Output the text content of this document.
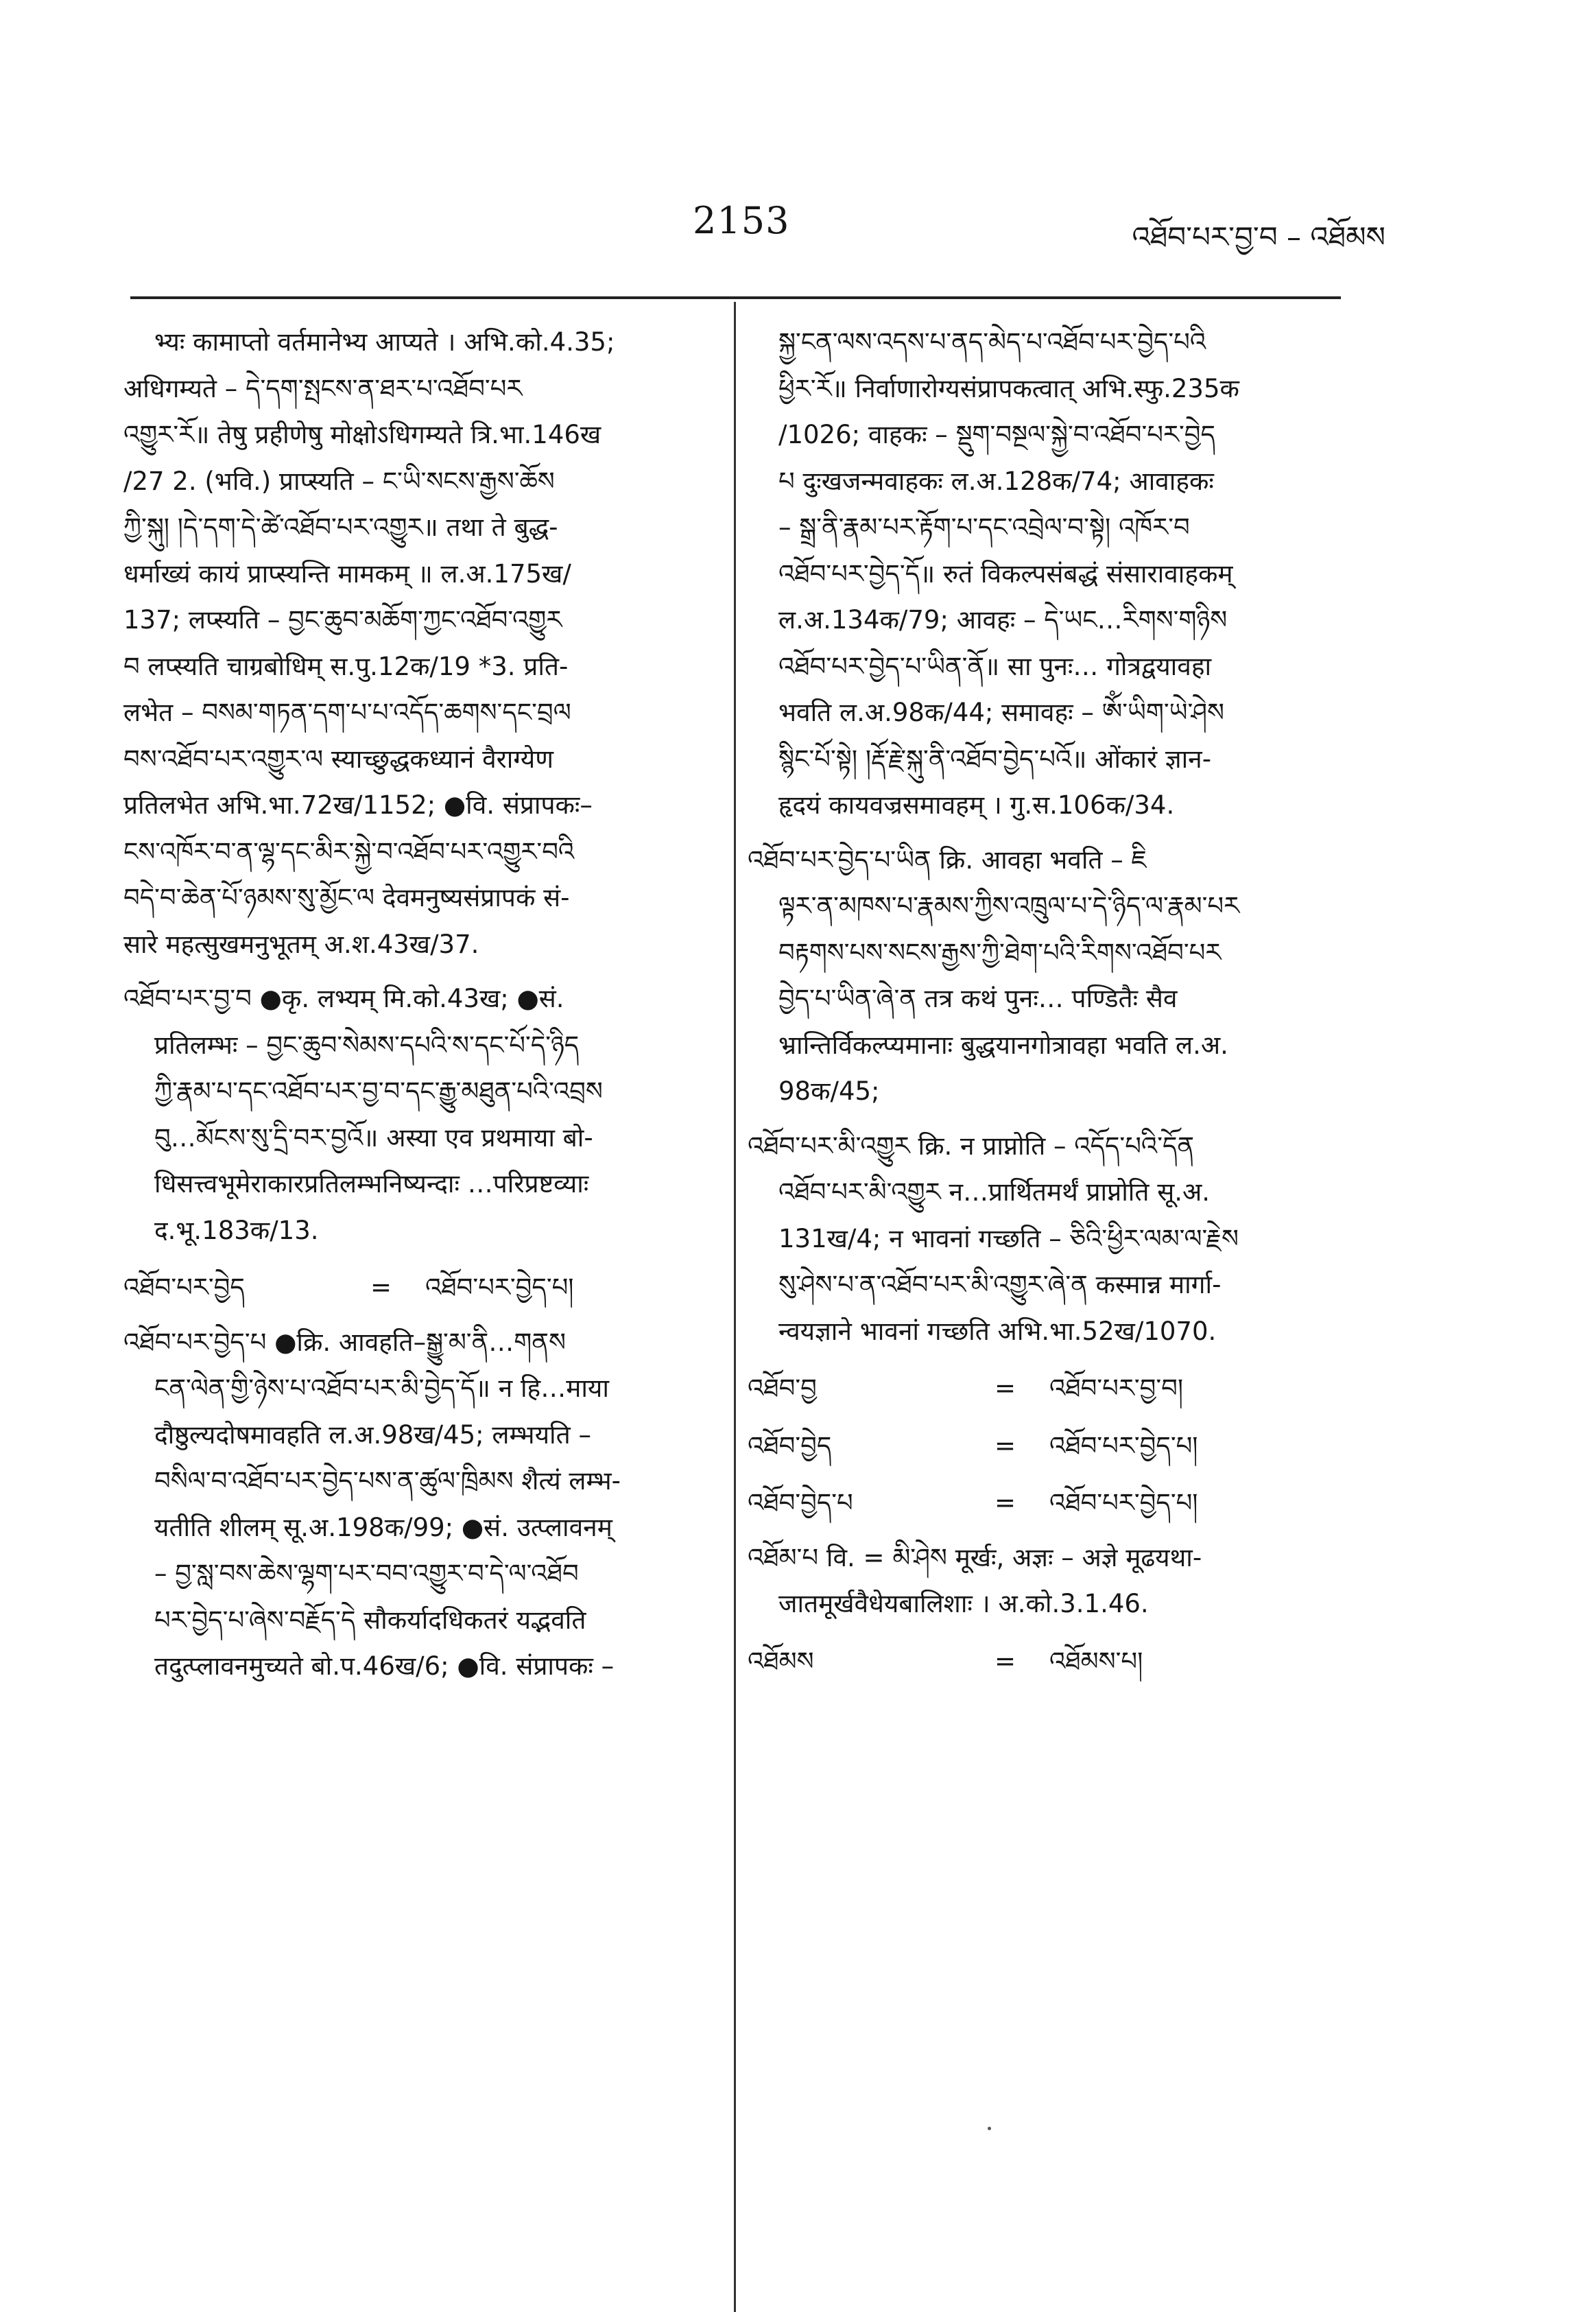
2153	འཐོབ་པར་བྱ་བ – འཐོམས
भ्यः कामाप्तो वर्तमानेभ्य आप्यते । अभि.को.4.35;
अधिगम्यते – དེ་དག་སྤངས་ན་ཐར་པ་འཐོབ་པར
འགྱུར་རོ॥ तेषु प्रहीणेषु मोक्षोऽधिगम्यते त्रि.भा.146ख
/27 2. (भवि.) प्राप्स्यति – ང་ཡི་སངས་རྒྱས་ཆོས
ཀྱི་སྐུ། །དེ་དག་དེ་ཚེ་འཐོབ་པར་འགྱུར॥ तथा ते बुद्ध-
धर्माख्यं कायं प्राप्स्यन्ति मामकम् ॥ ल.अ.175ख/
137; लप्स्यति – བྱང་ཆུབ་མཆོག་ཀྱང་འཐོབ་འགྱུར
བ लप्स्यति चाग्रबोधिम् स.पु.12क/19 *3. प्रति-
लभेत – བསམ་གཏན་དག་པ་པ་འདོད་ཆགས་དང་བྲལ
བས་འཐོབ་པར་འགྱུར་ལ स्याच्छुद्धकध्यानं वैराग्येण
प्रतिलभेत अभि.भा.72ख/1152; ●वि. संप्रापकः–
ངས་འཁོར་བ་ན་ལྷ་དང་མིར་སྐྱེ་བ་འཐོབ་པར་འགྱུར་བའི
བདེ་བ་ཆེན་པོ་ཉམས་སུ་མྱོང་ལ देवमनुष्यसंप्रापकं सं-
सारे महत्सुखमनुभूतम् अ.श.43ख/37.
འཐོབ་པར་བྱ་བ ●कृ. लभ्यम् मि.को.43ख; ●सं.
प्रतिलम्भः – བྱང་ཆུབ་སེམས་དཔའི་ས་དང་པོ་དེ་ཉིད
ཀྱི་རྣམ་པ་དང་འཐོབ་པར་བྱ་བ་དང་རྒྱུ་མཐུན་པའི་འབྲས
བུ…མོངས་སུ་དྲི་བར་བྱའོ॥ अस्या एव प्रथमाया बो-
धिसत्त्वभूमेराकारप्रतिलम्भनिष्यन्दाः …परिप्रष्टव्याः
द.भू.183क/13.
འཐོབ་པར་བྱེད	=	འཐོབ་པར་བྱེད་པ།
འཐོབ་པར་བྱེད་པ ●क्रि. आवहति–སྒྱུ་མ་ནི…གནས
ངན་ལེན་གྱི་ཉེས་པ་འཐོབ་པར་མི་བྱེད་དོ॥ न हि…माया
दौष्ठुल्यदोषमावहति ल.अ.98ख/45; लम्भयति –
བསིལ་བ་འཐོབ་པར་བྱེད་པས་ན་ཚུལ་ཁྲིམས शैत्यं लम्भ-
यतीति शीलम् सू.अ.198क/99; ●सं. उत्प्लावनम्
– བྱ་སླ་བས་ཆེས་ལྷག་པར་བབ་འགྱུར་བ་དེ་ལ་འཐོབ
པར་བྱེད་པ་ཞེས་བརྗོད་དེ सौकर्यादधिकतरं यद्भवति
तदुत्प्लावनमुच्यते बो.प.46ख/6; ●वि. संप्रापकः –
སྐྱ་ངན་ལས་འདས་པ་ནད་མེད་པ་འཐོབ་པར་བྱེད་པའི
ཕྱིར་རོ॥ निर्वाणारोग्यसंप्रापकत्वात् अभि.स्फु.235क
/1026; वाहकः – སྡུག་བསྔལ་སྐྱེ་བ་འཐོབ་པར་བྱེད
པ दुःखजन्मवाहकः ल.अ.128क/74; आवाहकः
– སྒྲ་ནི་རྣམ་པར་རྟོག་པ་དང་འབྲེལ་བ་སྟེ། འཁོར་བ
འཐོབ་པར་བྱེད་དོ॥ रुतं विकल्पसंबद्धं संसारावाहकम्
ल.अ.134क/79; आवहः – དེ་ཡང…རིགས་གཉིས
འཐོབ་པར་བྱེད་པ་ཡིན་ནོ॥ सा पुनः… गोत्रद्वयावहा
भवति ल.अ.98क/44; समावहः – ཨོཾ་ཡིག་ཡེ་ཤེས
སྙིང་པོ་སྟེ། །རྡོ་རྗེ་སྐུ་ནི་འཐོབ་བྱེད་པའོ॥ ओंकारं ज्ञान-
हृदयं कायवज्रसमावहम् । गु.स.106क/34.
འཐོབ་པར་བྱེད་པ་ཡིན क्रि. आवहा भवति – ཇི
ལྟར་ན་མཁས་པ་རྣམས་ཀྱིས་འཁྲུལ་པ་དེ་ཉིད་ལ་རྣམ་པར
བརྟགས་པས་སངས་རྒྱས་ཀྱི་ཐེག་པའི་རིགས་འཐོབ་པར
བྱེད་པ་ཡིན་ཞེ་ན तत्र कथं पुनः… पण्डितैः सैव
भ्रान्तिर्विकल्प्यमानाः बुद्धयानगोत्रावहा भवति ल.अ.
98क/45;
འཐོབ་པར་མི་འགྱུར क्रि. न प्राप्नोति – འདོད་པའི་དོན
འཐོབ་པར་མི་འགྱུར न…प्रार्थितमर्थं प्राप्नोति सू.अ.
131ख/4; न भावनां गच्छति – ཅིའི་ཕྱིར་ལམ་ལ་རྗེས
སུ་ཤེས་པ་ན་འཐོབ་པར་མི་འགྱུར་ཞེ་ན कस्मान्न मार्गा-
न्वयज्ञाने भावनां गच्छति अभि.भा.52ख/1070.
འཐོབ་བྱ	=	འཐོབ་པར་བྱ་བ།
འཐོབ་བྱེད	=	འཐོབ་པར་བྱེད་པ།
འཐོབ་བྱེད་པ	=	འཐོབ་པར་བྱེད་པ།
འཐོམ་པ वि. = མི་ཤེས मूर्खः, अज्ञः – अज्ञे मूढयथा-
जातमूर्खवैधेयबालिशाः । अ.को.3.1.46.
འཐོམས	=	འཐོམས་པ།
